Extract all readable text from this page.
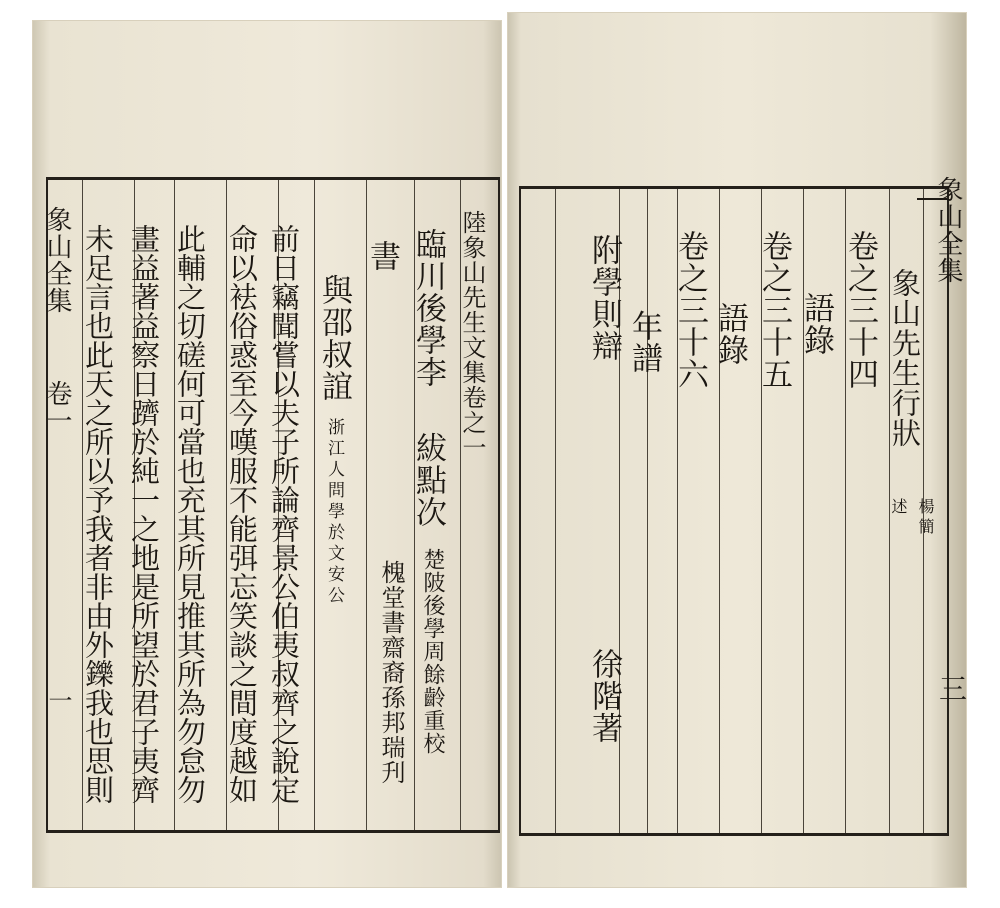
象山全集
卷一
一
陸象山先生文集卷之一
臨川後學李
紱點次
楚陂後學周餘齡重校
槐堂書齋裔孫邦瑞刋
書
與邵叔誼
浙江人問學於文安公
前日竊聞嘗以夫子所論齊景公伯夷叔齊之說定
命以袪俗惑至今嘆服不能弭忘笑談之間度越如
此輔之切磋何可當也充其所見推其所為勿怠勿
畫益著益察日躋於純一之地是所望於君子夷齊
未足言也此天之所以予我者非由外鑠我也思則	象山先生行狀
楊簡
述
卷之三十四
語錄
卷之三十五
語錄
卷之三十六
年譜
附學則辯
徐階著
象山全集
三
